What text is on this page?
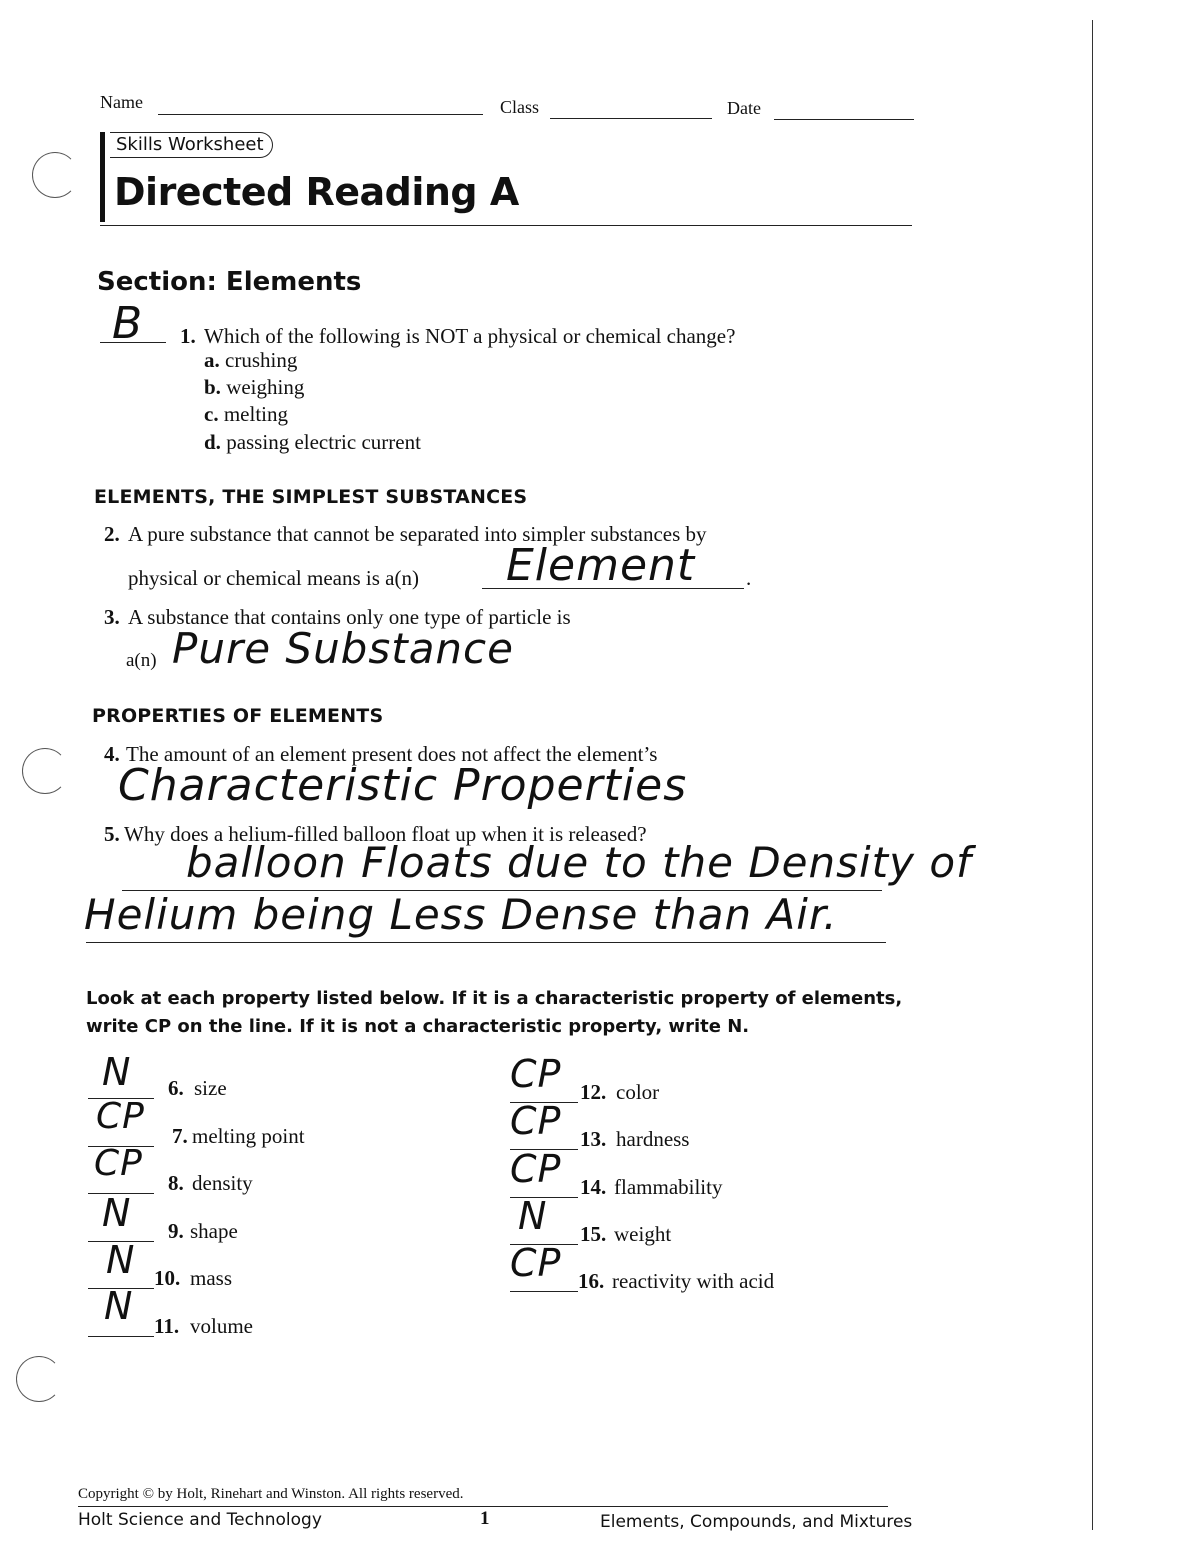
Name	Class	Date
Skills Worksheet
Directed Reading A
Section: Elements
B 1. Which of the following is NOT a physical or chemical change?
a. crushing
b. weighing
c. melting
d. passing electric current
ELEMENTS, THE SIMPLEST SUBSTANCES
2. A pure substance that cannot be separated into simpler substances by
physical or chemical means is a(n) Element .
3. A substance that contains only one type of particle is
a(n) Pure Substance
PROPERTIES OF ELEMENTS
4. The amount of an element present does not affect the element’s
Characteristic Properties
5. Why does a helium-filled balloon float up when it is released?
balloon Floats due to the Density of
Helium being Less Dense than Air.
Look at each property listed below. If it is a characteristic property of elements,
write CP on the line. If it is not a characteristic property, write N.
N 6. size
CP 7. melting point
CP 8. density
N 9. shape
N 10. mass
N 11. volume
CP 12. color
CP 13. hardness
CP 14. flammability
N 15. weight
CP 16. reactivity with acid
Copyright © by Holt, Rinehart and Winston. All rights reserved.
Holt Science and Technology	1	Elements, Compounds, and Mixtures
